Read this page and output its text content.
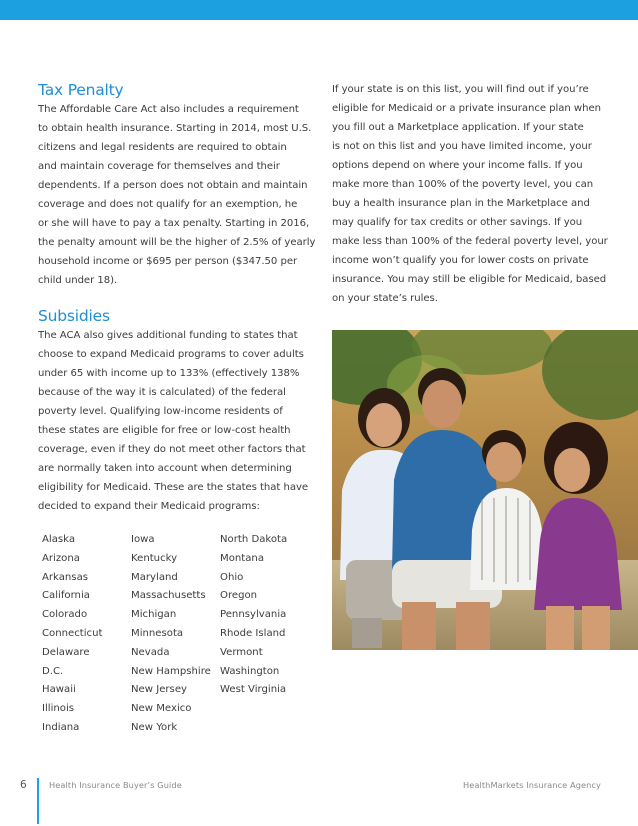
Tax Penalty

The Affordable Care Act also includes a requirement
to obtain health insurance. Starting in 2014, most U.S.
citizens and legal residents are required to obtain
and maintain coverage for themselves and their
dependents. If a person does not obtain and maintain
coverage and does not qualify for an exemption, he
or she will have to pay a tax penalty. Starting in 2016,
the penalty amount will be the higher of 2.5% of yearly
household income or $695 per person ($347.50 per
child under 18).

Subsidies

The ACA also gives additional funding to states that
choose to expand Medicaid programs to cover adults
under 65 with income up to 133% (effectively 138%
because of the way it is calculated) of the federal
poverty level. Qualifying low-income residents of
these states are eligible for free or low-cost health
coverage, even if they do not meet other factors that
are normally taken into account when determining
eligibility for Medicaid. These are the states that have
decided to expand their Medicaid programs:

Alaska
Arizona
Arkansas
California
Colorado
Connecticut
Delaware
D.C.
Hawaii
Illinois
Indiana
Iowa
Kentucky
Maryland
Massachusetts
Michigan
Minnesota
Nevada
New Hampshire
New Jersey
New Mexico
New York
North Dakota
Montana
Ohio
Oregon
Pennsylvania
Rhode Island
Vermont
Washington
West Virginia

If your state is on this list, you will find out if you’re
eligible for Medicaid or a private insurance plan when
you fill out a Marketplace application. If your state
is not on this list and you have limited income, your
options depend on where your income falls. If you
make more than 100% of the poverty level, you can
buy a health insurance plan in the Marketplace and
may qualify for tax credits or other savings. If you
make less than 100% of the federal poverty level, your
income won’t qualify you for lower costs on private
insurance. You may still be eligible for Medicaid, based
on your state’s rules.

6	Health Insurance Buyer’s Guide	HealthMarkets Insurance Agency
